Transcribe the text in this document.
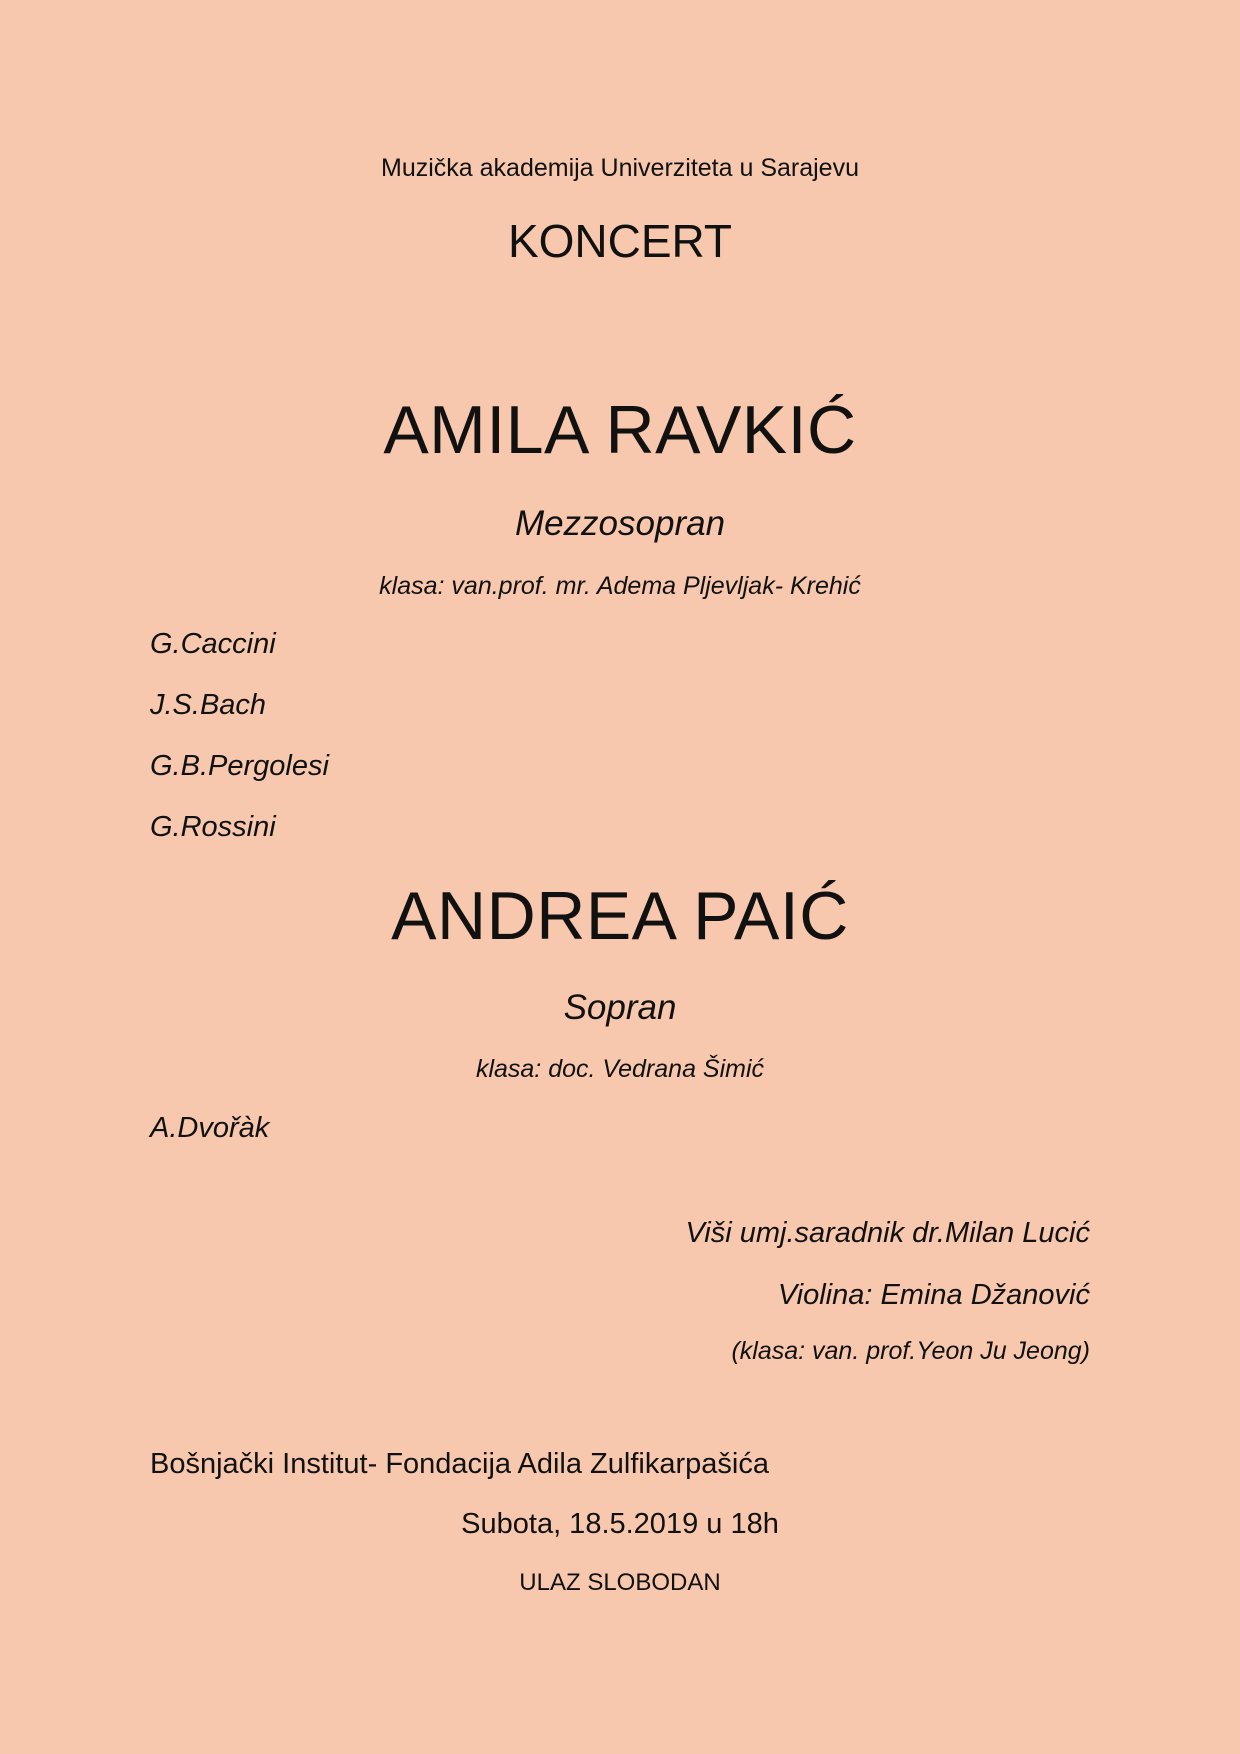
Muzička akademija Univerziteta u Sarajevu
KONCERT
AMILA RAVKIĆ
Mezzosopran
klasa: van.prof. mr. Adema Pljevljak- Krehić
G.Caccini
J.S.Bach
G.B.Pergolesi
G.Rossini
ANDREA PAIĆ
Sopran
klasa: doc. Vedrana Šimić
A.Dvořàk
Viši umj.saradnik dr.Milan Lucić
Violina: Emina Džanović
(klasa: van. prof.Yeon Ju Jeong)
Bošnjački Institut- Fondacija Adila Zulfikarpašića
Subota, 18.5.2019 u 18h
ULAZ SLOBODAN
